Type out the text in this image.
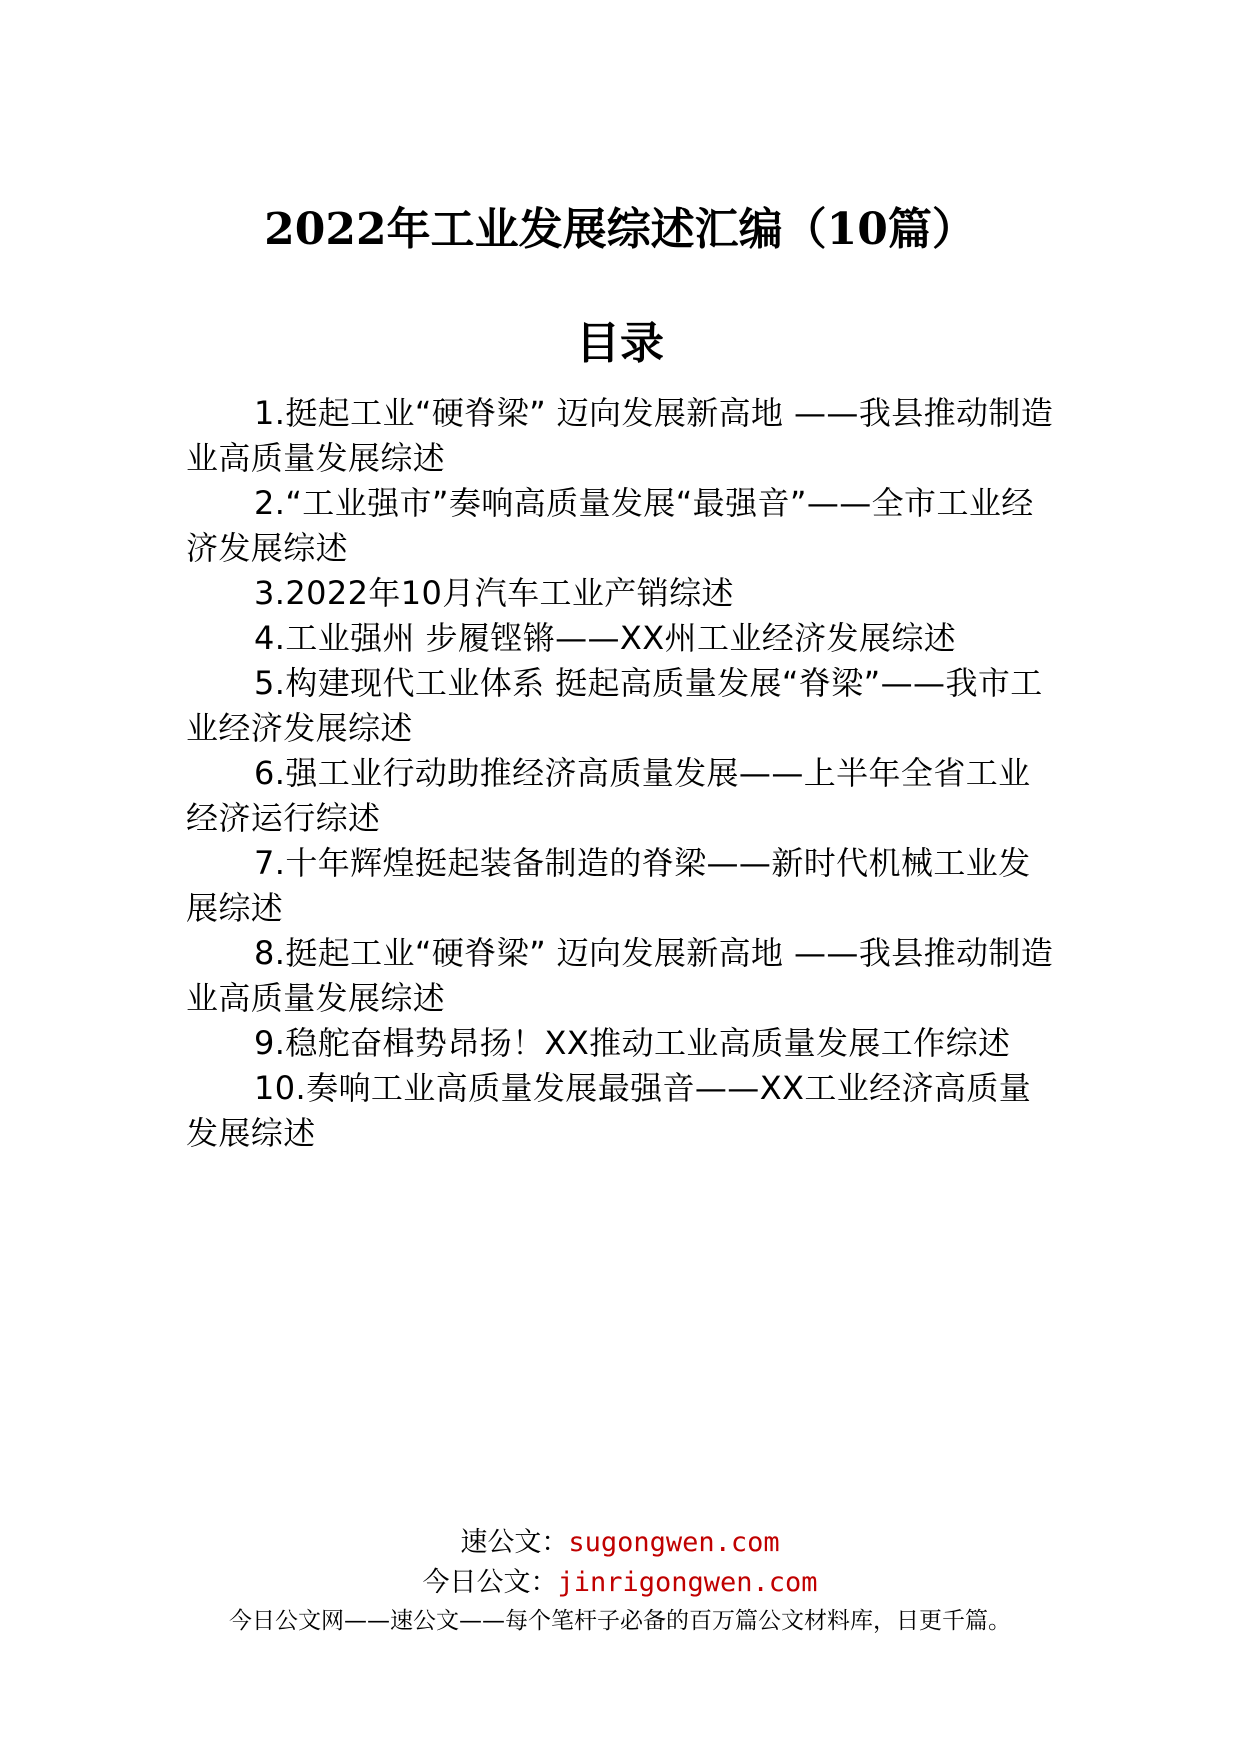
2022年工业发展综述汇编（10篇）
目录
1.挺起工业“硬脊梁” 迈向发展新高地 ——我县推动制造业高质量发展综述
2.“工业强市”奏响高质量发展“最强音”——全市工业经济发展综述
3.2022年10月汽车工业产销综述
4.工业强州 步履铿锵——XX州工业经济发展综述
5.构建现代工业体系 挺起高质量发展“脊梁”——我市工业经济发展综述
6.强工业行动助推经济高质量发展——上半年全省工业经济运行综述
7.十年辉煌挺起装备制造的脊梁——新时代机械工业发展综述
8.挺起工业“硬脊梁” 迈向发展新高地 ——我县推动制造业高质量发展综述
9.稳舵奋楫势昂扬！XX推动工业高质量发展工作综述
10.奏响工业高质量发展最强音——XX工业经济高质量发展综述

速公文：sugongwen.com

今日公文：jinrigongwen.com

今日公文网——速公文——每个笔杆子必备的百万篇公文材料库，日更千篇。
